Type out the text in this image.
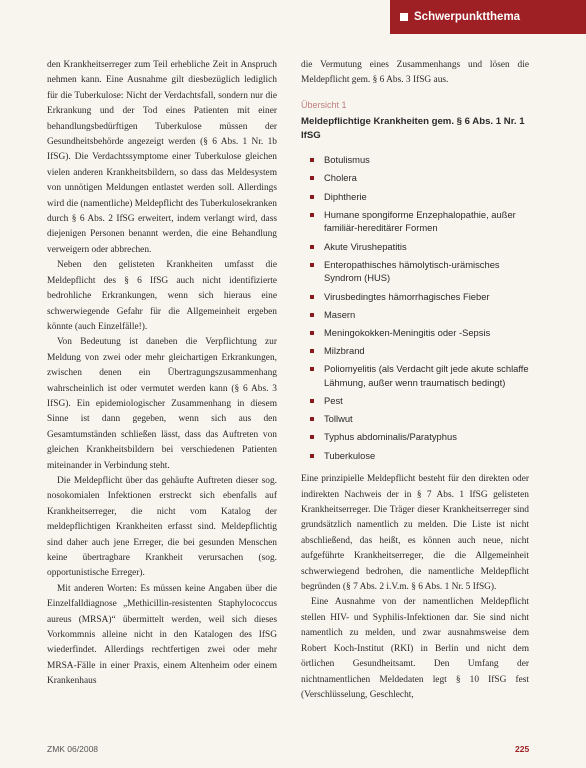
Schwerpunktthema

den Krankheitserreger zum Teil erhebliche Zeit in Anspruch nehmen kann. Eine Ausnahme gilt diesbezüglich lediglich für die Tuberkulose: Nicht der Verdachtsfall, sondern nur die Erkrankung und der Tod eines Patienten mit einer behandlungsbedürftigen Tuberkulose müssen der Gesundheitsbehörde angezeigt werden (§ 6 Abs. 1 Nr. 1b IfSG). Die Verdachtssymptome einer Tuberkulose gleichen vielen anderen Krankheitsbildern, so dass das Meldesystem von unnötigen Meldungen entlastet werden soll. Allerdings wird die (namentliche) Meldepflicht des Tuberkulosekranken durch § 6 Abs. 2 IfSG erweitert, indem verlangt wird, dass diejenigen Personen benannt werden, die eine Behandlung verweigern oder abbrechen.

Neben den gelisteten Krankheiten umfasst die Meldepflicht des § 6 IfSG auch nicht identifizierte bedrohliche Erkrankungen, wenn sich hieraus eine schwerwiegende Gefahr für die Allgemeinheit ergeben könnte (auch Einzelfälle!).

Von Bedeutung ist daneben die Verpflichtung zur Meldung von zwei oder mehr gleichartigen Erkrankungen, zwischen denen ein Übertragungszusammenhang wahrscheinlich ist oder vermutet werden kann (§ 6 Abs. 3 IfSG). Ein epidemiologischer Zusammenhang in diesem Sinne ist dann gegeben, wenn sich aus den Gesamtumständen schließen lässt, dass das Auftreten von gleichen Krankheitsbildern bei verschiedenen Patienten miteinander in Verbindung steht.

Die Meldepflicht über das gehäufte Auftreten dieser sog. nosokomialen Infektionen erstreckt sich ebenfalls auf Krankheitserreger, die nicht vom Katalog der meldepflichtigen Krankheiten erfasst sind. Meldepflichtig sind daher auch jene Erreger, die bei gesunden Menschen keine übertragbare Krankheit verursachen (sog. opportunistische Erreger).

Mit anderen Worten: Es müssen keine Angaben über die Einzelfalldiagnose „Methicillin-resistenten Staphylococcus aureus (MRSA)“ übermittelt werden, weil sich dieses Vorkommnis alleine nicht in den Katalogen des IfSG wiederfindet. Allerdings rechtfertigen zwei oder mehr MRSA-Fälle in einer Praxis, einem Altenheim oder einem Krankenhaus

die Vermutung eines Zusammenhangs und lösen die Meldepflicht gem. § 6 Abs. 3 IfSG aus.

Übersicht 1
Meldepflichtige Krankheiten gem. § 6 Abs. 1 Nr. 1 IfSG
Botulismus
Cholera
Diphtherie
Humane spongiforme Enzephalopathie, außer familiär-hereditärer Formen
Akute Virushepatitis
Enteropathisches hämolytisch-urämisches Syndrom (HUS)
Virusbedingtes hämorrhagisches Fieber
Masern
Meningokokken-Meningitis oder -Sepsis
Milzbrand
Poliomyelitis (als Verdacht gilt jede akute schlaffe Lähmung, außer wenn traumatisch bedingt)
Pest
Tollwut
Typhus abdominalis/Paratyphus
Tuberkulose

Eine prinzipielle Meldepflicht besteht für den direkten oder indirekten Nachweis der in § 7 Abs. 1 IfSG gelisteten Krankheitserreger. Die Träger dieser Krankheitserreger sind grundsätzlich namentlich zu melden. Die Liste ist nicht abschließend, das heißt, es können auch neue, nicht aufgeführte Krankheitserreger, die die Allgemeinheit schwerwiegend bedrohen, die namentliche Meldepflicht begründen (§ 7 Abs. 2 i.V.m. § 6 Abs. 1 Nr. 5 IfSG).

Eine Ausnahme von der namentlichen Meldepflicht stellen HIV- und Syphilis-Infektionen dar. Sie sind nicht namentlich zu melden, und zwar ausnahmsweise dem Robert Koch-Institut (RKI) in Berlin und nicht dem örtlichen Gesundheitsamt. Den Umfang der nichtnamentlichen Meldedaten legt § 10 IfSG fest (Verschlüsselung, Geschlecht,

ZMK 06/2008	225
